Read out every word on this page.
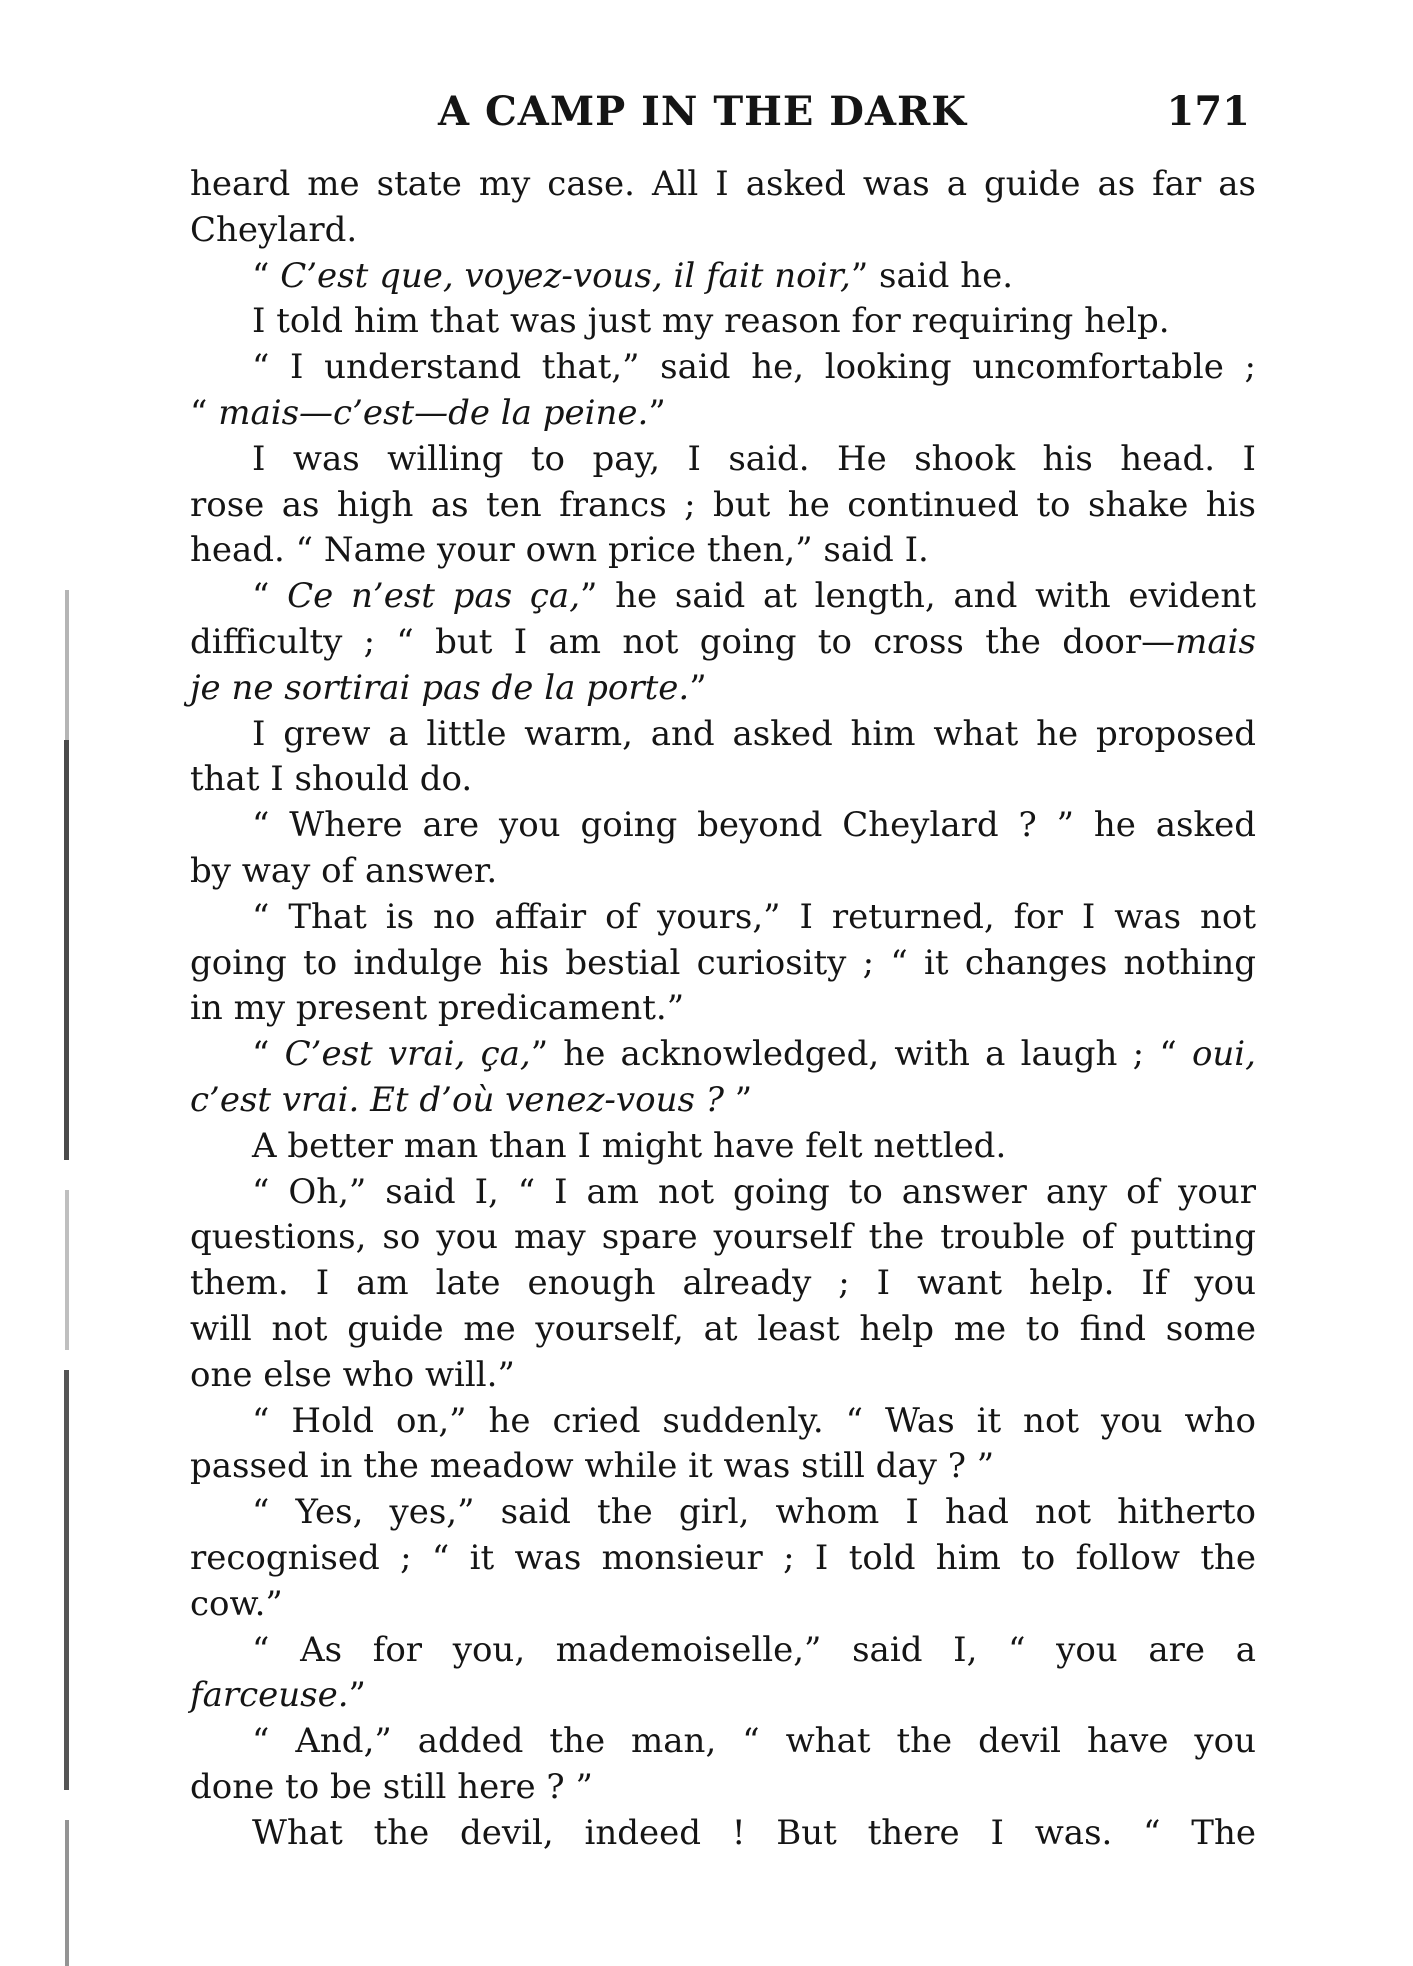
A CAMP IN THE DARK	171
heard me state my case. All I asked was a guide as far as
Cheylard.
“ C’est que, voyez-vous, il fait noir,” said he.
I told him that was just my reason for requiring help.
“ I understand that,” said he, looking uncomfortable ;
“ mais—c’est—de la peine.”
I was willing to pay, I said. He shook his head. I
rose as high as ten francs ; but he continued to shake his
head. “ Name your own price then,” said I.
“ Ce n’est pas ça,” he said at length, and with evident
difficulty ; “ but I am not going to cross the door—mais
je ne sortirai pas de la porte.”
I grew a little warm, and asked him what he proposed
that I should do.
“ Where are you going beyond Cheylard ? ” he asked
by way of answer.
“ That is no affair of yours,” I returned, for I was not
going to indulge his bestial curiosity ; “ it changes nothing
in my present predicament.”
“ C’est vrai, ça,” he acknowledged, with a laugh ; “ oui,
c’est vrai. Et d’où venez-vous ? ”
A better man than I might have felt nettled.
“ Oh,” said I, “ I am not going to answer any of your
questions, so you may spare yourself the trouble of putting
them. I am late enough already ; I want help. If you
will not guide me yourself, at least help me to find some
one else who will.”
“ Hold on,” he cried suddenly. “ Was it not you who
passed in the meadow while it was still day ? ”
“ Yes, yes,” said the girl, whom I had not hitherto
recognised ; “ it was monsieur ; I told him to follow the
cow.”
“ As for you, mademoiselle,” said I, “ you are a
farceuse.”
“ And,” added the man, “ what the devil have you
done to be still here ? ”
What the devil, indeed ! But there I was. “ The
